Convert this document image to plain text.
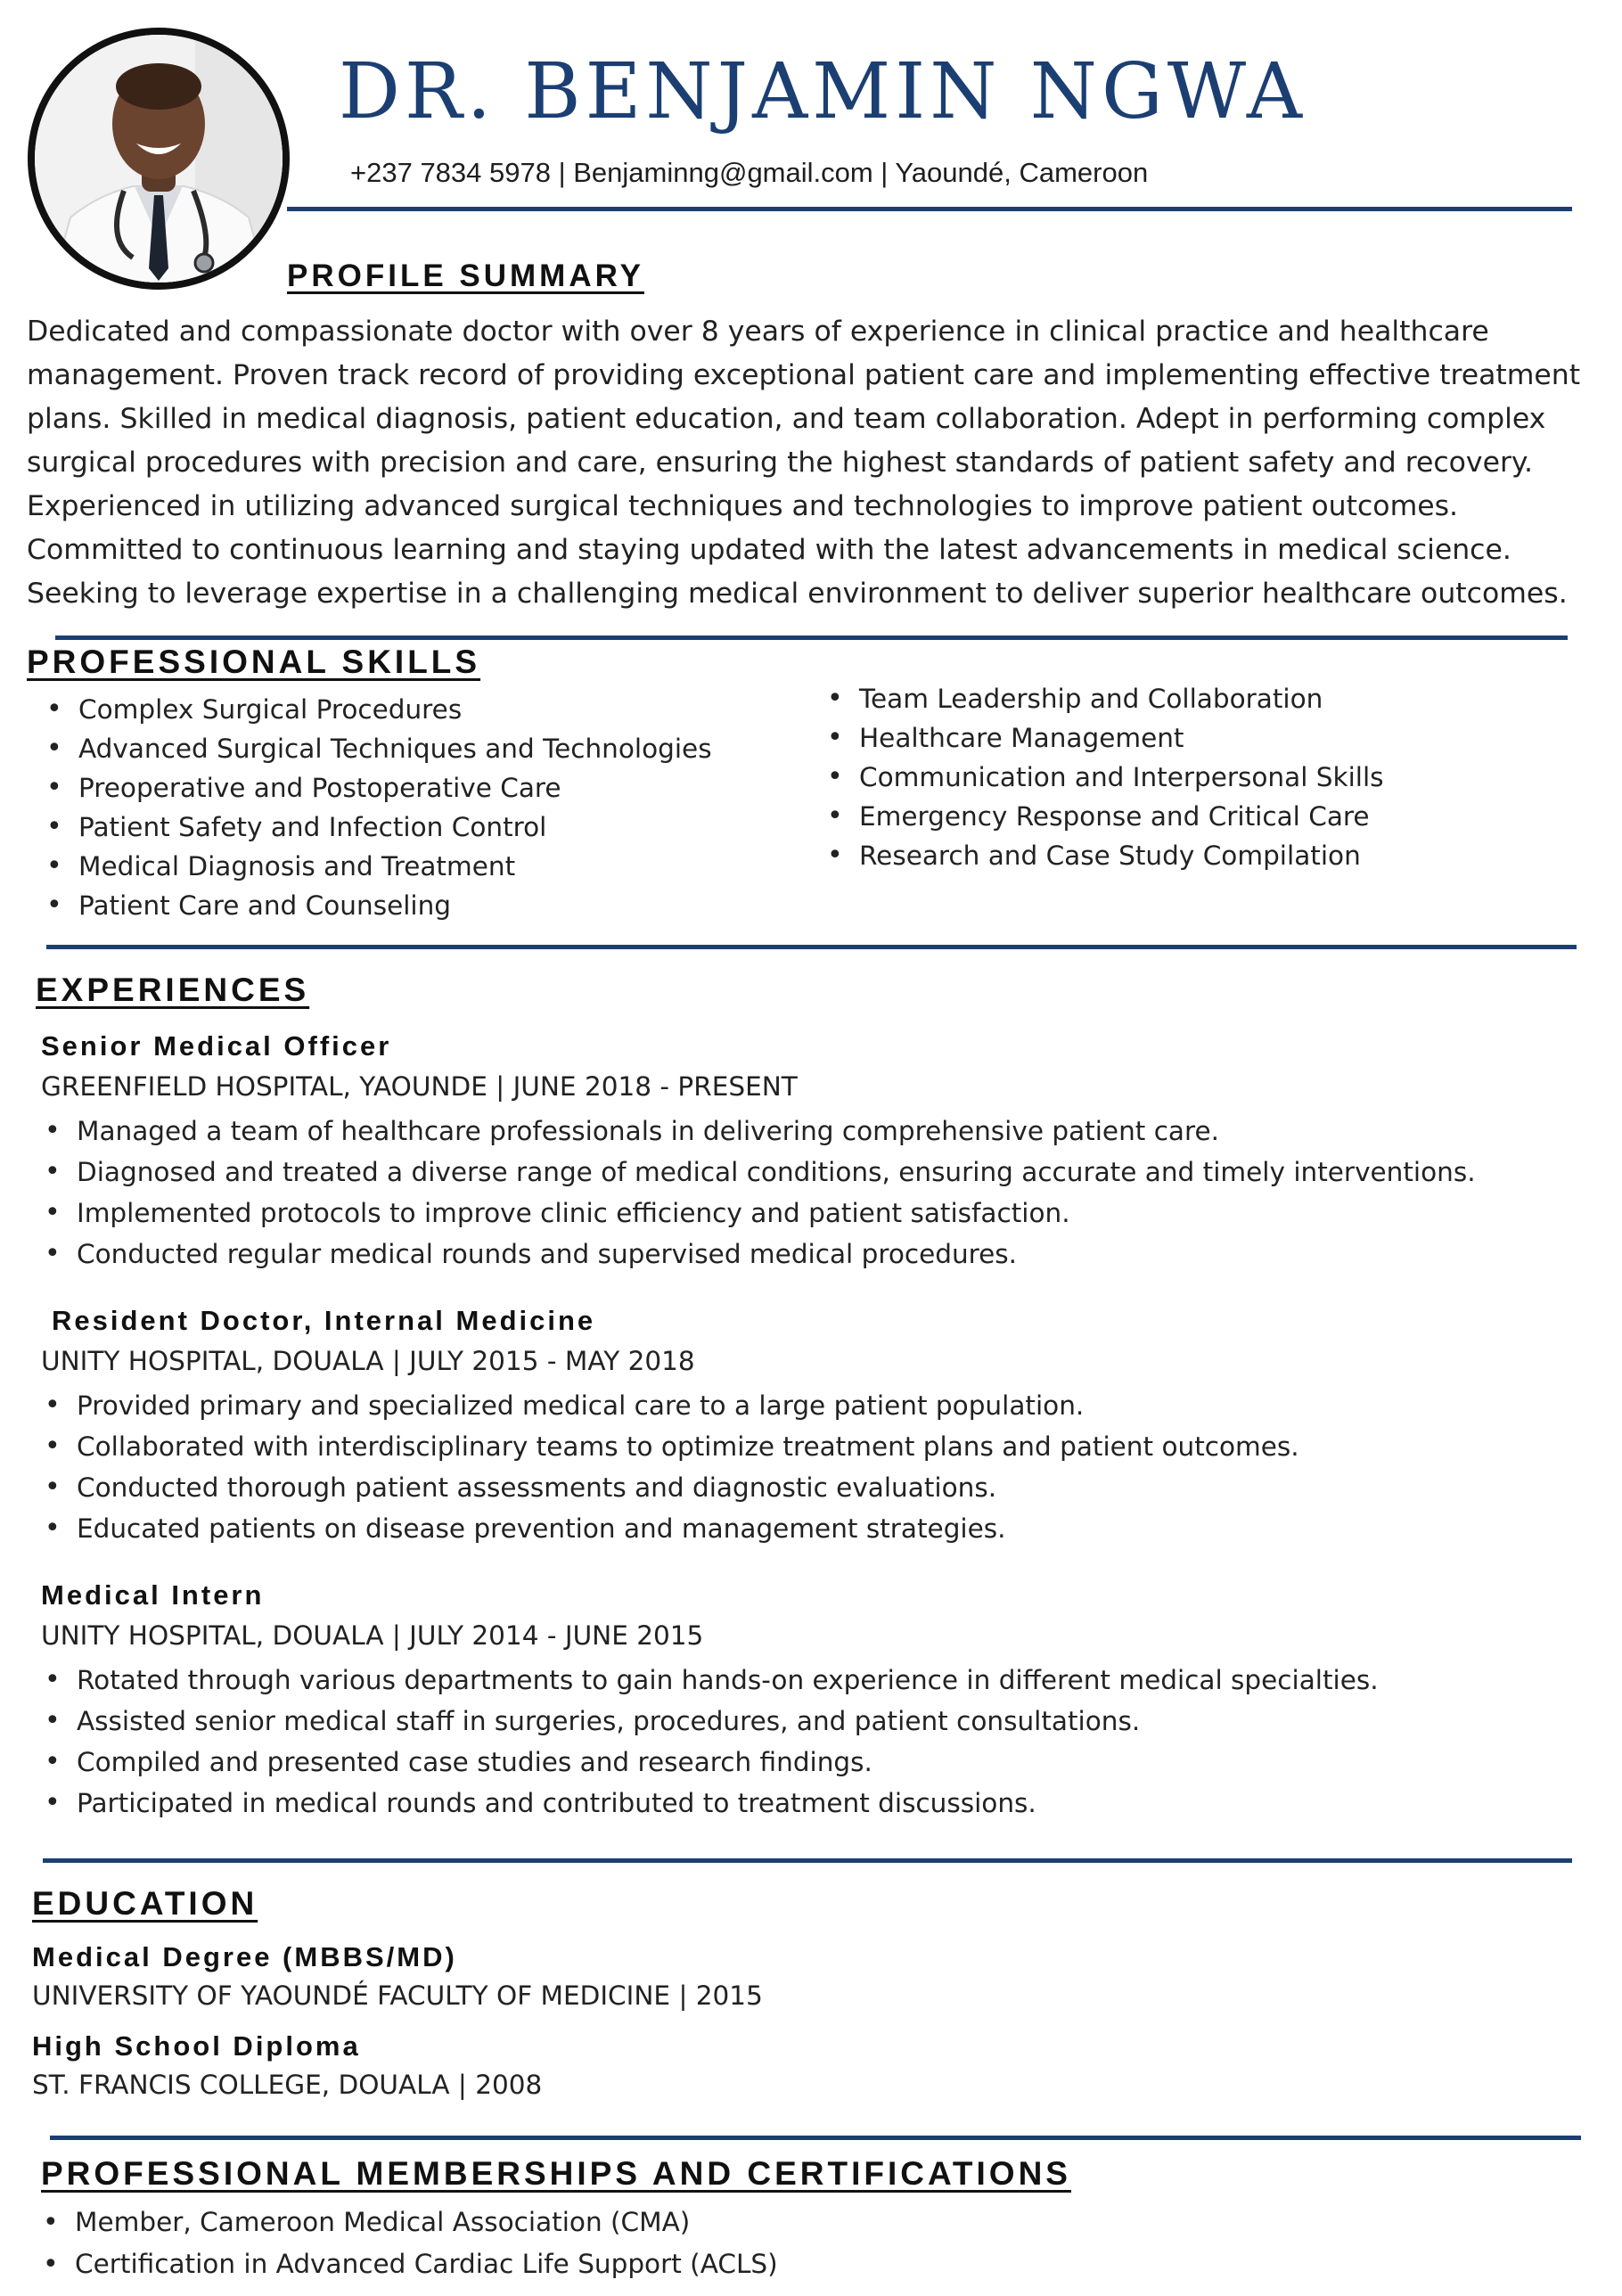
DR. BENJAMIN NGWA
+237 7834 5978 | Benjaminng@gmail.com | Yaoundé, Cameroon
PROFILE SUMMARY
Dedicated and compassionate doctor with over 8 years of experience in clinical practice and healthcare management. Proven track record of providing exceptional patient care and implementing effective treatment plans. Skilled in medical diagnosis, patient education, and team collaboration. Adept in performing complex surgical procedures with precision and care, ensuring the highest standards of patient safety and recovery. Experienced in utilizing advanced surgical techniques and technologies to improve patient outcomes. Committed to continuous learning and staying updated with the latest advancements in medical science. Seeking to leverage expertise in a challenging medical environment to deliver superior healthcare outcomes.
PROFESSIONAL SKILLS
• Complex Surgical Procedures
• Advanced Surgical Techniques and Technologies
• Preoperative and Postoperative Care
• Patient Safety and Infection Control
• Medical Diagnosis and Treatment
• Patient Care and Counseling
• Team Leadership and Collaboration
• Healthcare Management
• Communication and Interpersonal Skills
• Emergency Response and Critical Care
• Research and Case Study Compilation
EXPERIENCES
Senior Medical Officer
GREENFIELD HOSPITAL, YAOUNDE | JUNE 2018 - PRESENT
• Managed a team of healthcare professionals in delivering comprehensive patient care.
• Diagnosed and treated a diverse range of medical conditions, ensuring accurate and timely interventions.
• Implemented protocols to improve clinic efficiency and patient satisfaction.
• Conducted regular medical rounds and supervised medical procedures.
Resident Doctor, Internal Medicine
UNITY HOSPITAL, DOUALA | JULY 2015 - MAY 2018
• Provided primary and specialized medical care to a large patient population.
• Collaborated with interdisciplinary teams to optimize treatment plans and patient outcomes.
• Conducted thorough patient assessments and diagnostic evaluations.
• Educated patients on disease prevention and management strategies.
Medical Intern
UNITY HOSPITAL, DOUALA | JULY 2014 - JUNE 2015
• Rotated through various departments to gain hands-on experience in different medical specialties.
• Assisted senior medical staff in surgeries, procedures, and patient consultations.
• Compiled and presented case studies and research findings.
• Participated in medical rounds and contributed to treatment discussions.
EDUCATION
Medical Degree (MBBS/MD)
UNIVERSITY OF YAOUNDÉ FACULTY OF MEDICINE | 2015
High School Diploma
ST. FRANCIS COLLEGE, DOUALA | 2008
PROFESSIONAL MEMBERSHIPS AND CERTIFICATIONS
• Member, Cameroon Medical Association (CMA)
• Certification in Advanced Cardiac Life Support (ACLS)
